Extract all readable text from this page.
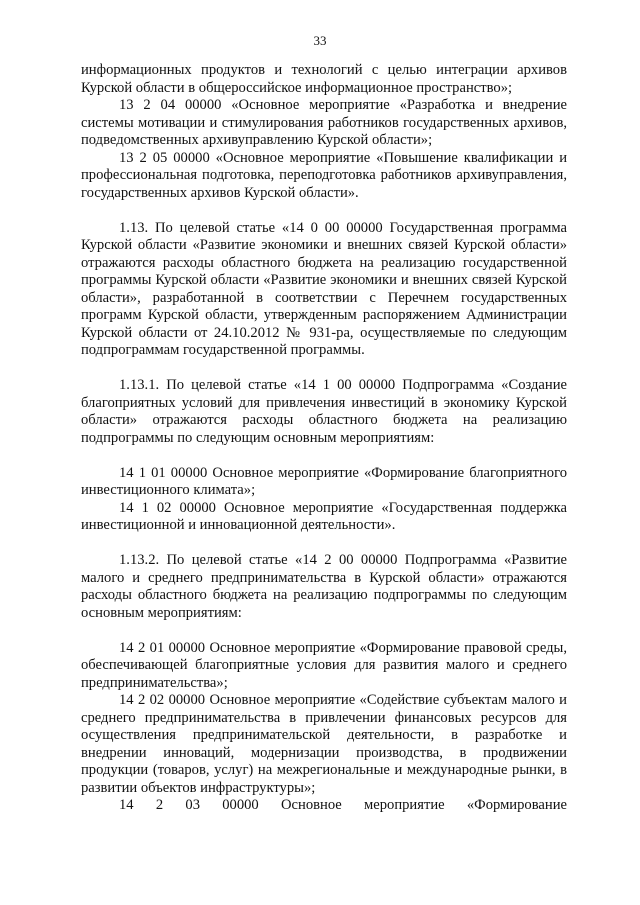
33

информационных продуктов и технологий с целью интеграции архивов Курской области в общероссийское информационное пространство»;

13 2 04 00000 «Основное мероприятие «Разработка и внедрение системы мотивации и стимулирования работников государственных архивов, подведомственных архивуправлению Курской области»;

13 2 05 00000 «Основное мероприятие «Повышение квалификации и профессиональная подготовка, переподготовка работников архивуправления, государственных архивов Курской области».

1.13. По целевой статье «14 0 00 00000 Государственная программа Курской области «Развитие экономики и внешних связей Курской области» отражаются расходы областного бюджета на реализацию государственной программы Курской области «Развитие экономики и внешних связей Курской области», разработанной в соответствии с Перечнем государственных программ Курской области, утвержденным распоряжением Администрации Курской области от 24.10.2012 № 931-ра, осуществляемые по следующим подпрограммам государственной программы.

1.13.1. По целевой статье «14 1 00 00000 Подпрограмма «Создание благоприятных условий для привлечения инвестиций в экономику Курской области» отражаются расходы областного бюджета на реализацию подпрограммы по следующим основным мероприятиям:

14 1 01 00000 Основное мероприятие «Формирование благоприятного инвестиционного климата»;

14 1 02 00000 Основное мероприятие «Государственная поддержка инвестиционной и инновационной деятельности».

1.13.2. По целевой статье «14 2 00 00000 Подпрограмма «Развитие малого и среднего предпринимательства в Курской области» отражаются расходы областного бюджета на реализацию подпрограммы по следующим основным мероприятиям:

14 2 01 00000 Основное мероприятие «Формирование правовой среды, обеспечивающей благоприятные условия для развития малого и среднего предпринимательства»;

14 2 02 00000 Основное мероприятие «Содействие субъектам малого и среднего предпринимательства в привлечении финансовых ресурсов для осуществления предпринимательской деятельности, в разработке и внедрении инноваций, модернизации производства, в продвижении продукции (товаров, услуг) на межрегиональные и международные рынки, в развитии объектов инфраструктуры»;

14 2 03 00000 Основное мероприятие «Формирование
